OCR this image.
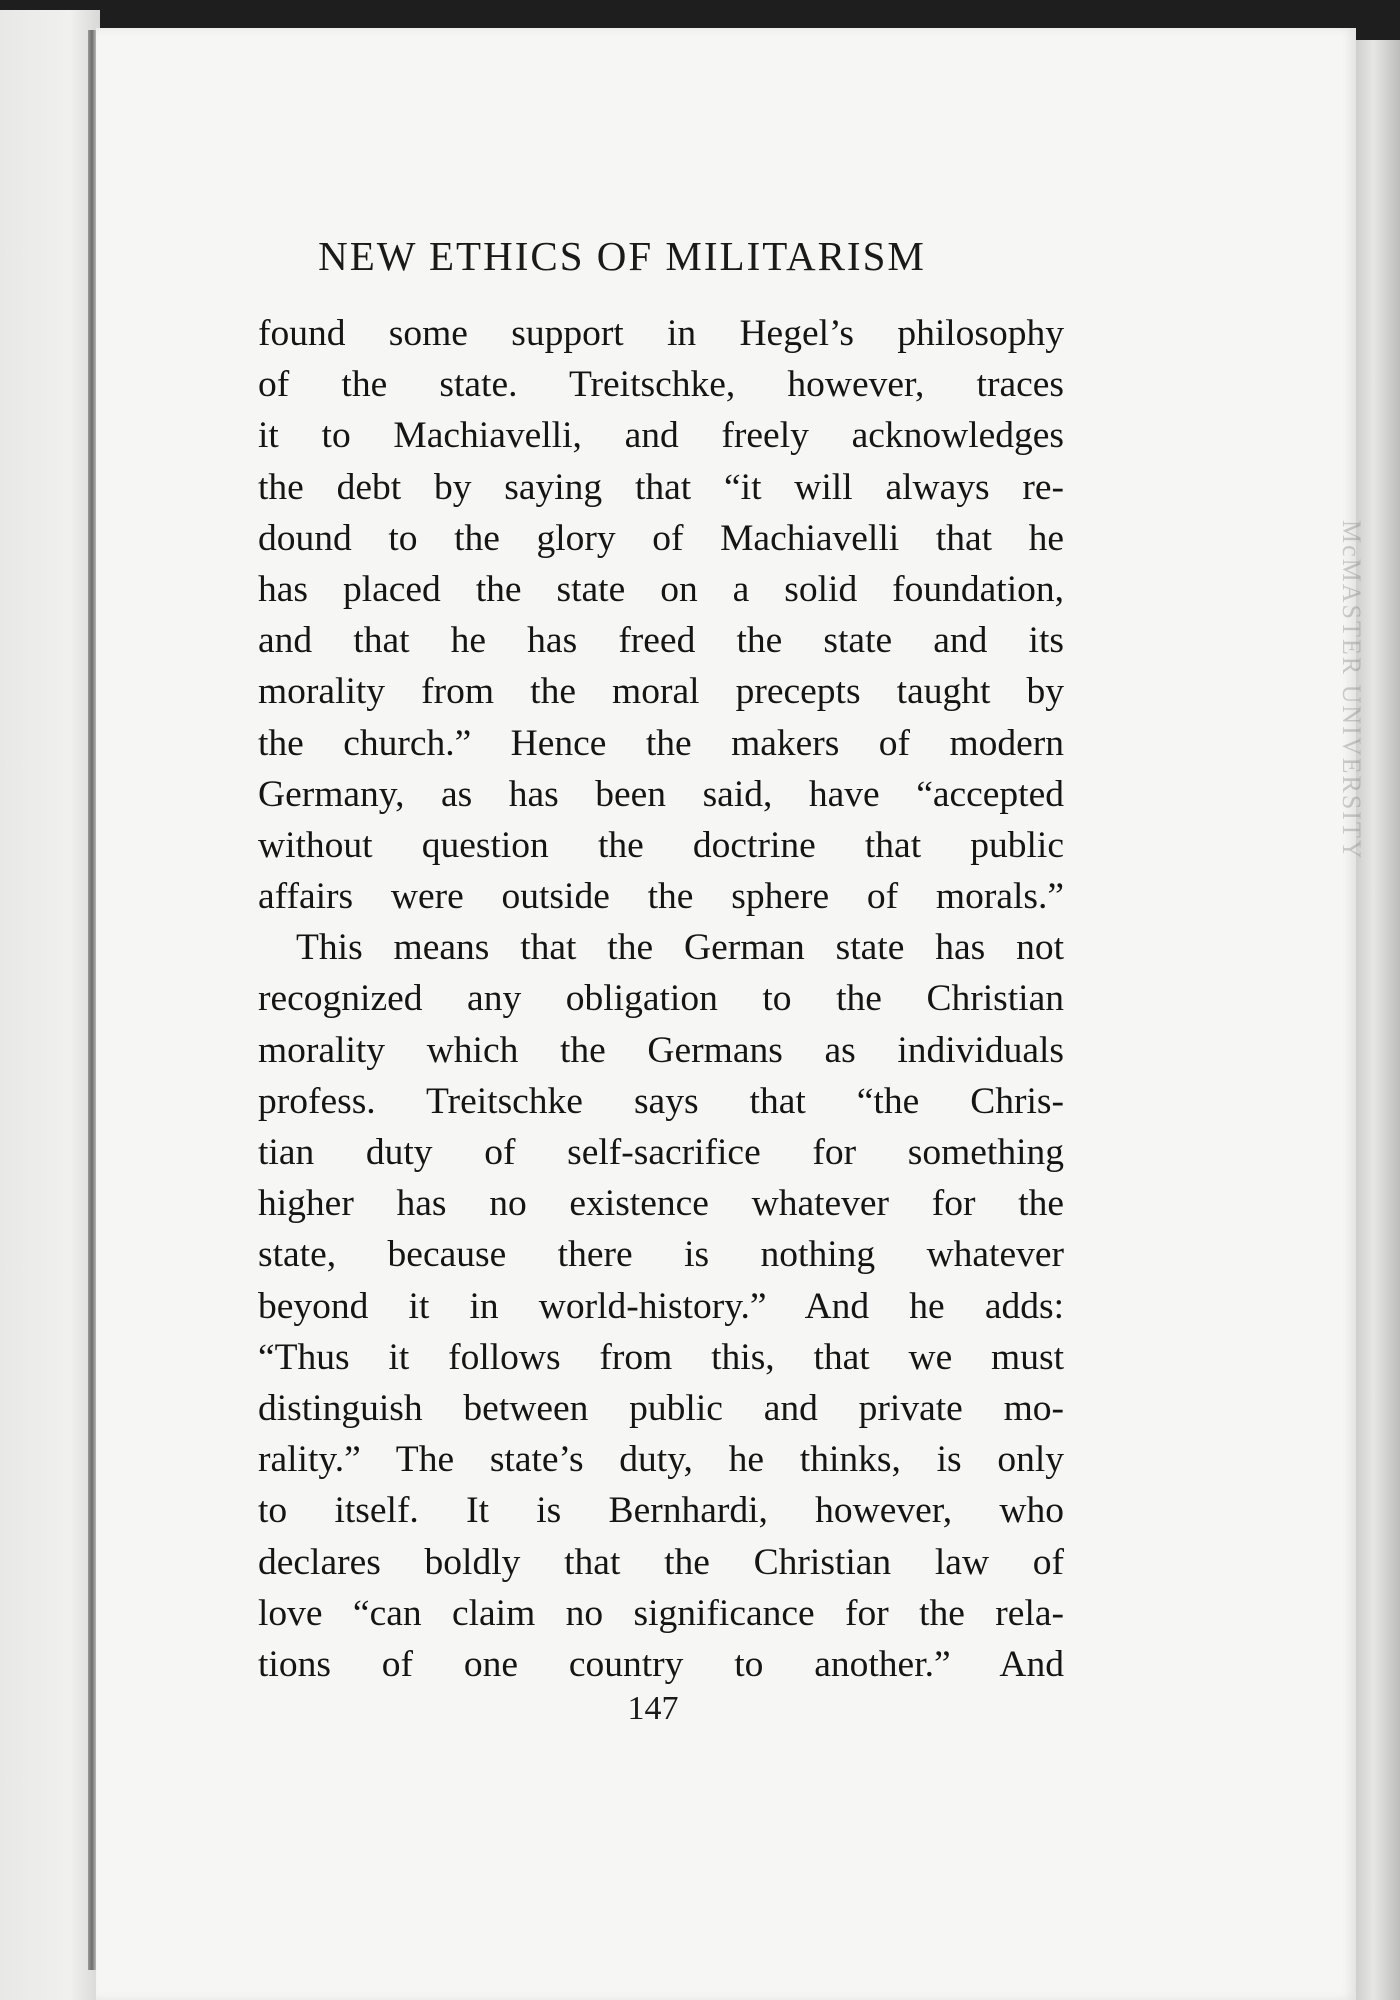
McMASTER UNIVERSITY
NEW ETHICS OF MILITARISM
found some support in Hegel’s philosophy
of the state. Treitschke, however, traces
it to Machiavelli, and freely acknowledges
the debt by saying that “it will always re-
dound to the glory of Machiavelli that he
has placed the state on a solid foundation,
and that he has freed the state and its
morality from the moral precepts taught by
the church.” Hence the makers of modern
Germany, as has been said, have “accepted
without question the doctrine that public
affairs were outside the sphere of morals.”
This means that the German state has not
recognized any obligation to the Christian
morality which the Germans as individuals
profess. Treitschke says that “the Chris-
tian duty of self-sacrifice for something
higher has no existence whatever for the
state, because there is nothing whatever
beyond it in world-history.” And he adds:
“Thus it follows from this, that we must
distinguish between public and private mo-
rality.” The state’s duty, he thinks, is only
to itself. It is Bernhardi, however, who
declares boldly that the Christian law of
love “can claim no significance for the rela-
tions of one country to another.” And
147
